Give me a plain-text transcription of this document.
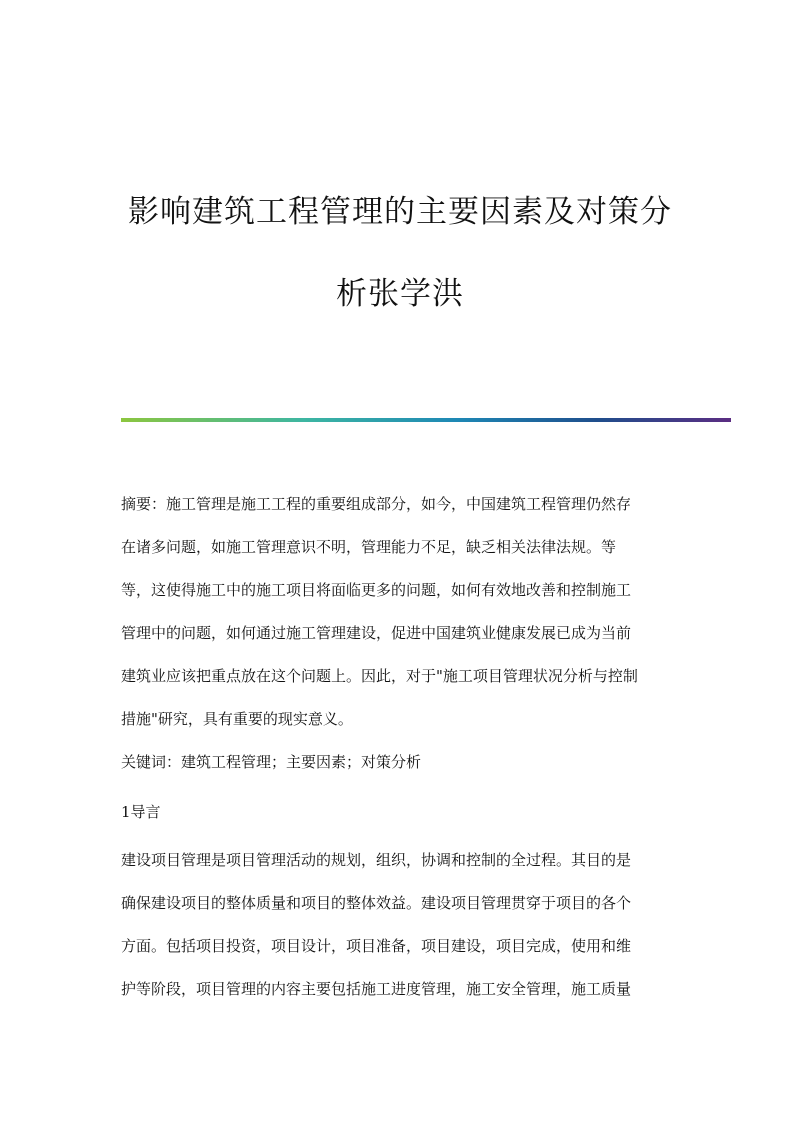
影响建筑工程管理的主要因素及对策分
析张学洪
摘要：施工管理是施工工程的重要组成部分，如今，中国建筑工程管理仍然存
在诸多问题，如施工管理意识不明，管理能力不足，缺乏相关法律法规。等
等，这使得施工中的施工项目将面临更多的问题，如何有效地改善和控制施工
管理中的问题，如何通过施工管理建设，促进中国建筑业健康发展已成为当前
建筑业应该把重点放在这个问题上。因此，对于"施工项目管理状况分析与控制
措施"研究，具有重要的现实意义。
关键词：建筑工程管理；主要因素；对策分析
1导言
建设项目管理是项目管理活动的规划，组织，协调和控制的全过程。其目的是
确保建设项目的整体质量和项目的整体效益。建设项目管理贯穿于项目的各个
方面。包括项目投资，项目设计，项目准备，项目建设，项目完成，使用和维
护等阶段，项目管理的内容主要包括施工进度管理，施工安全管理，施工质量
